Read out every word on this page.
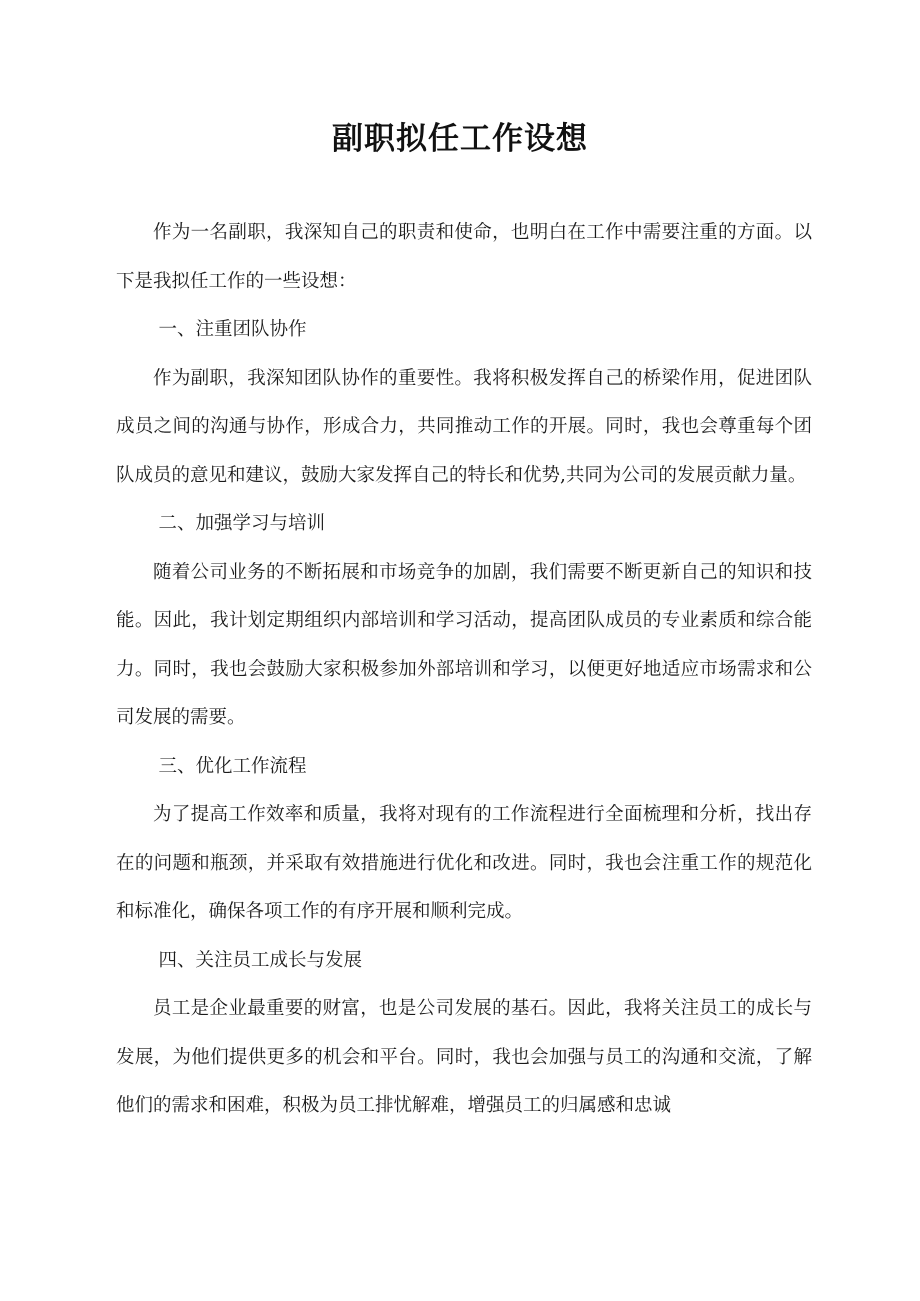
副职拟任工作设想

作为一名副职，我深知自己的职责和使命，也明白在工作中需要注重的方面。以下是我拟任工作的一些设想：

一、注重团队协作

作为副职，我深知团队协作的重要性。我将积极发挥自己的桥梁作用，促进团队成员之间的沟通与协作，形成合力，共同推动工作的开展。同时，我也会尊重每个团队成员的意见和建议，鼓励大家发挥自己的特长和优势,共同为公司的发展贡献力量。

二、加强学习与培训

随着公司业务的不断拓展和市场竞争的加剧，我们需要不断更新自己的知识和技能。因此，我计划定期组织内部培训和学习活动，提高团队成员的专业素质和综合能力。同时，我也会鼓励大家积极参加外部培训和学习，以便更好地适应市场需求和公司发展的需要。

三、优化工作流程

为了提高工作效率和质量，我将对现有的工作流程进行全面梳理和分析，找出存在的问题和瓶颈，并采取有效措施进行优化和改进。同时，我也会注重工作的规范化和标准化，确保各项工作的有序开展和顺利完成。

四、关注员工成长与发展

员工是企业最重要的财富，也是公司发展的基石。因此，我将关注员工的成长与发展，为他们提供更多的机会和平台。同时，我也会加强与员工的沟通和交流，了解他们的需求和困难，积极为员工排忧解难，增强员工的归属感和忠诚
